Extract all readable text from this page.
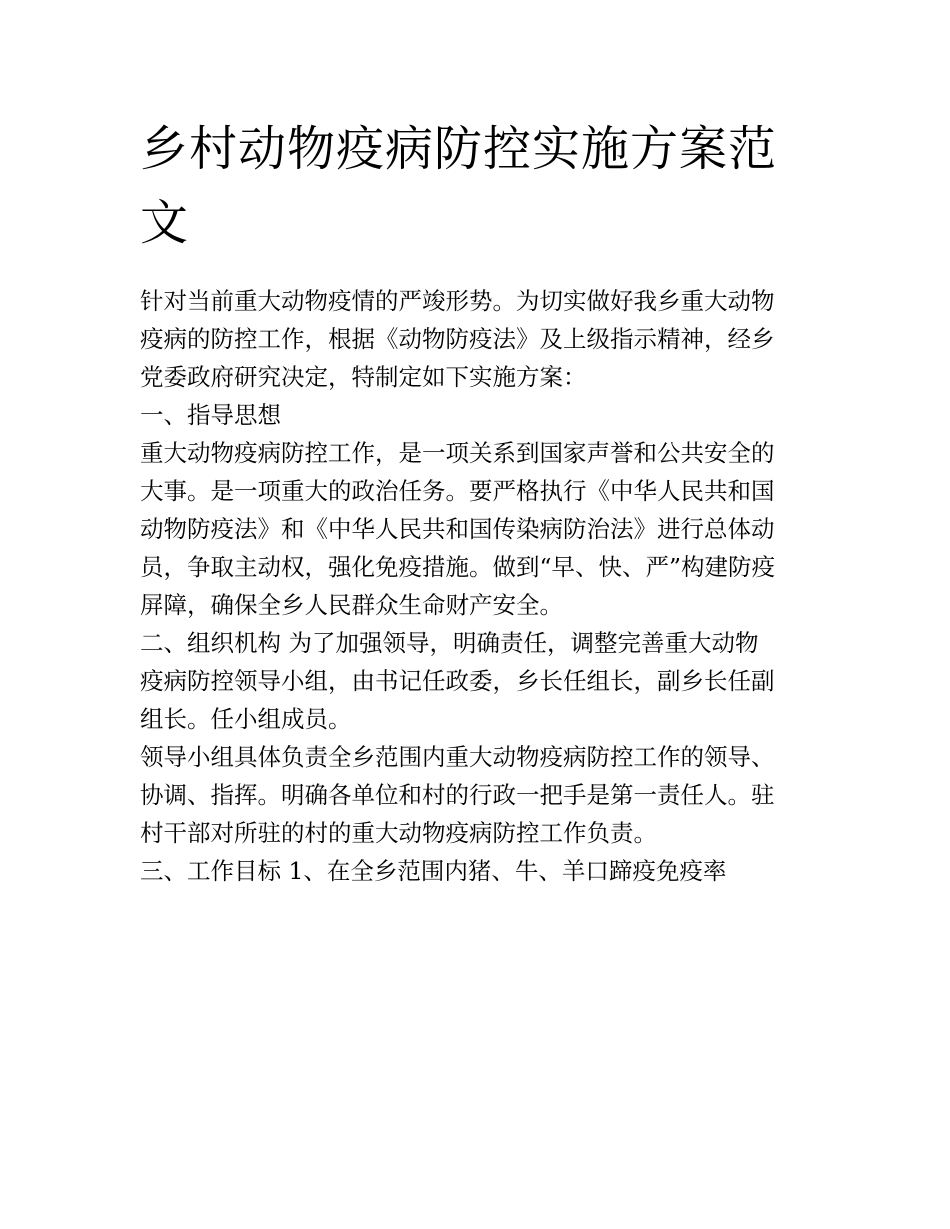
乡村动物疫病防控实施方案范
文
针对当前重大动物疫情的严竣形势。为切实做好我乡重大动物
疫病的防控工作，根据《动物防疫法》及上级指示精神，经乡
党委政府研究决定，特制定如下实施方案：
一、指导思想
重大动物疫病防控工作，是一项关系到国家声誉和公共安全的
大事。是一项重大的政治任务。要严格执行《中华人民共和国
动物防疫法》和《中华人民共和国传染病防治法》进行总体动
员，争取主动权，强化免疫措施。做到“早、快、严”构建防疫
屏障，确保全乡人民群众生命财产安全。
二、组织机构 为了加强领导，明确责任，调整完善重大动物
疫病防控领导小组，由书记任政委，乡长任组长，副乡长任副
组长。任小组成员。
领导小组具体负责全乡范围内重大动物疫病防控工作的领导、
协调、指挥。明确各单位和村的行政一把手是第一责任人。驻
村干部对所驻的村的重大动物疫病防控工作负责。
三、工作目标 1、在全乡范围内猪、牛、羊口蹄疫免疫率
